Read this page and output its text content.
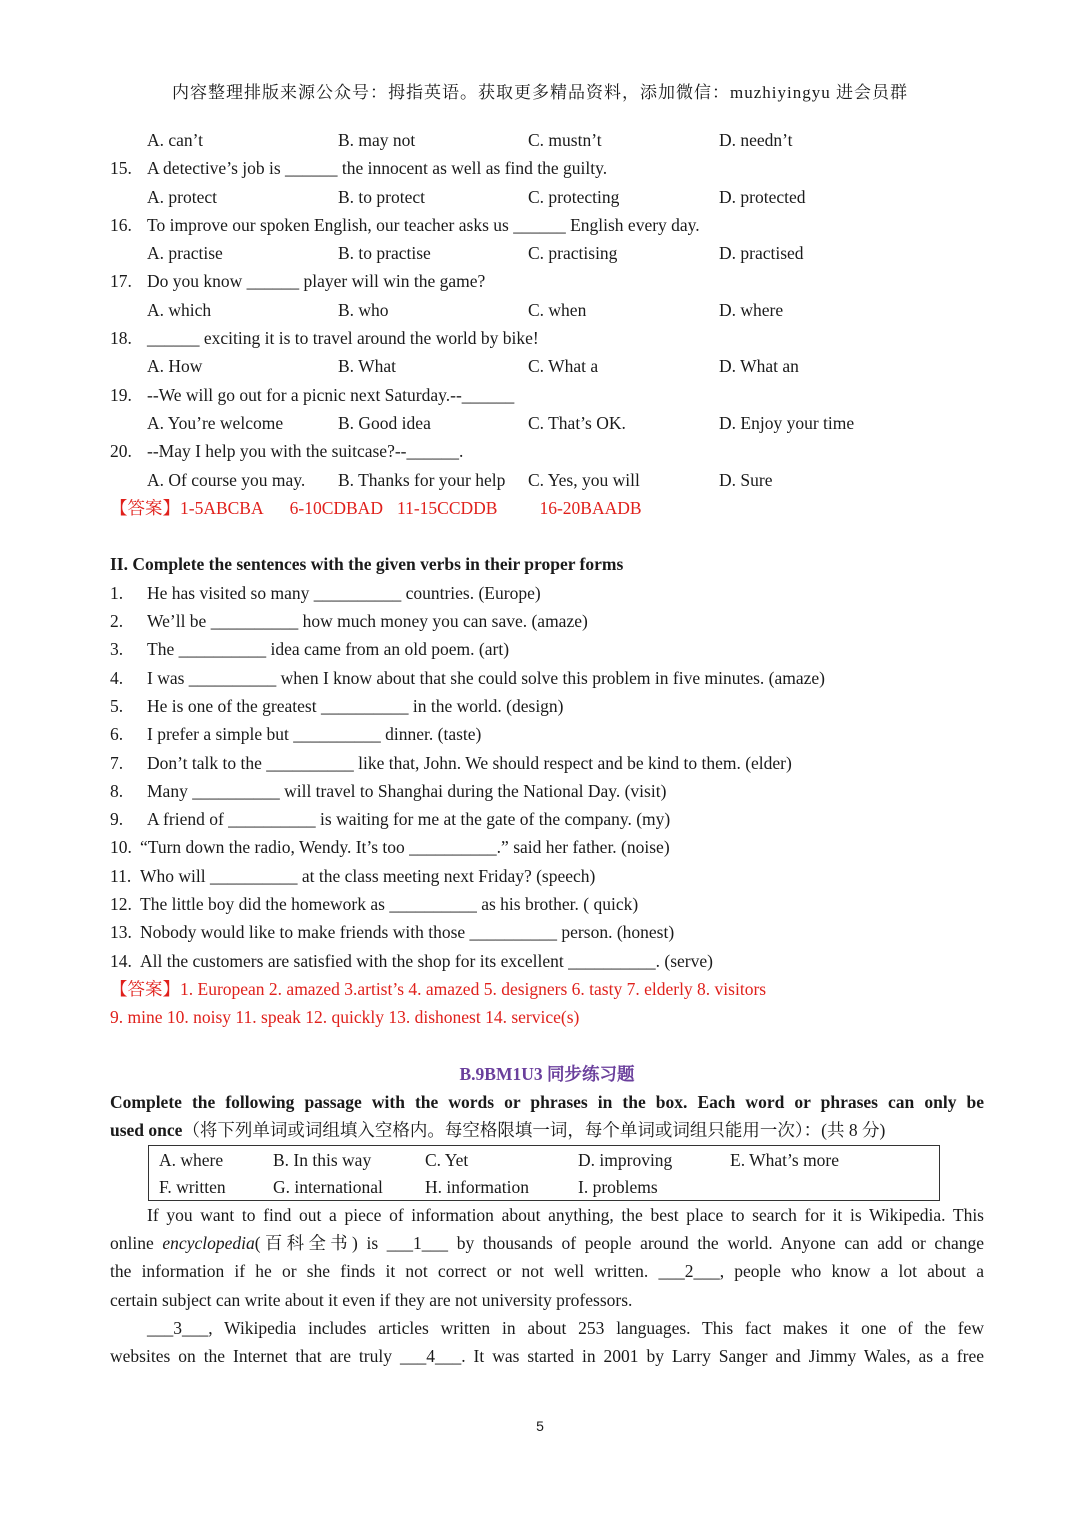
内容整理排版来源公众号：拇指英语。获取更多精品资料，添加微信：muzhiyingyu 进会员群
A. can’t	B. may not	C. mustn’t	D. needn’t
15. A detective’s job is ______ the innocent as well as find the guilty.
A. protect	B. to protect	C. protecting	D. protected
16. To improve our spoken English, our teacher asks us ______ English every day.
A. practise	B. to practise	C. practising	D. practised
17. Do you know ______ player will win the game?
A. which	B. who	C. when	D. where
18. ______ exciting it is to travel around the world by bike!
A. How	B. What	C. What a	D. What an
19. --We will go out for a picnic next Saturday.--______
A. You’re welcome	B. Good idea	C. That’s OK.	D. Enjoy your time
20. --May I help you with the suitcase?--______.
A. Of course you may. B. Thanks for your help C. Yes, you will	D. Sure
【答案】1-5ABCBA 6-10CDBAD 11-15CCDDB 16-20BAADB
II. Complete the sentences with the given verbs in their proper forms
1. He has visited so many __________ countries. (Europe)
2. We’ll be __________ how much money you can save. (amaze)
3. The __________ idea came from an old poem. (art)
4. I was __________ when I know about that she could solve this problem in five minutes. (amaze)
5. He is one of the greatest __________ in the world. (design)
6. I prefer a simple but __________ dinner. (taste)
7. Don’t talk to the __________ like that, John. We should respect and be kind to them. (elder)
8. Many __________ will travel to Shanghai during the National Day. (visit)
9. A friend of __________ is waiting for me at the gate of the company. (my)
10. “Turn down the radio, Wendy. It’s too __________.” said her father. (noise)
11. Who will __________ at the class meeting next Friday? (speech)
12. The little boy did the homework as __________ as his brother. ( quick)
13. Nobody would like to make friends with those __________ person. (honest)
14. All the customers are satisfied with the shop for its excellent __________. (serve)
【答案】1. European 2. amazed 3.artist’s 4. amazed 5. designers 6. tasty 7. elderly 8. visitors
9. mine 10. noisy 11. speak 12. quickly 13. dishonest 14. service(s)
B.9BM1U3 同步练习题
Complete the following passage with the words or phrases in the box. Each word or phrases can only be
used once（将下列单词或词组填入空格内。每空格限填一词，每个单词或词组只能用一次）：(共 8 分)
A. where	B. In this way	C. Yet	D. improving	E. What’s more
F. written	G. international H. information	I. problems
If you want to find out a piece of information about anything, the best place to search for it is Wikipedia. This
online encyclopedia(百科全书) is ___1___ by thousands of people around the world. Anyone can add or change
the information if he or she finds it not correct or not well written. ___2___, people who know a lot about a
certain subject can write about it even if they are not university professors.
___3___, Wikipedia includes articles written in about 253 languages. This fact makes it one of the few
websites on the Internet that are truly ___4___. It was started in 2001 by Larry Sanger and Jimmy Wales, as a free
5
